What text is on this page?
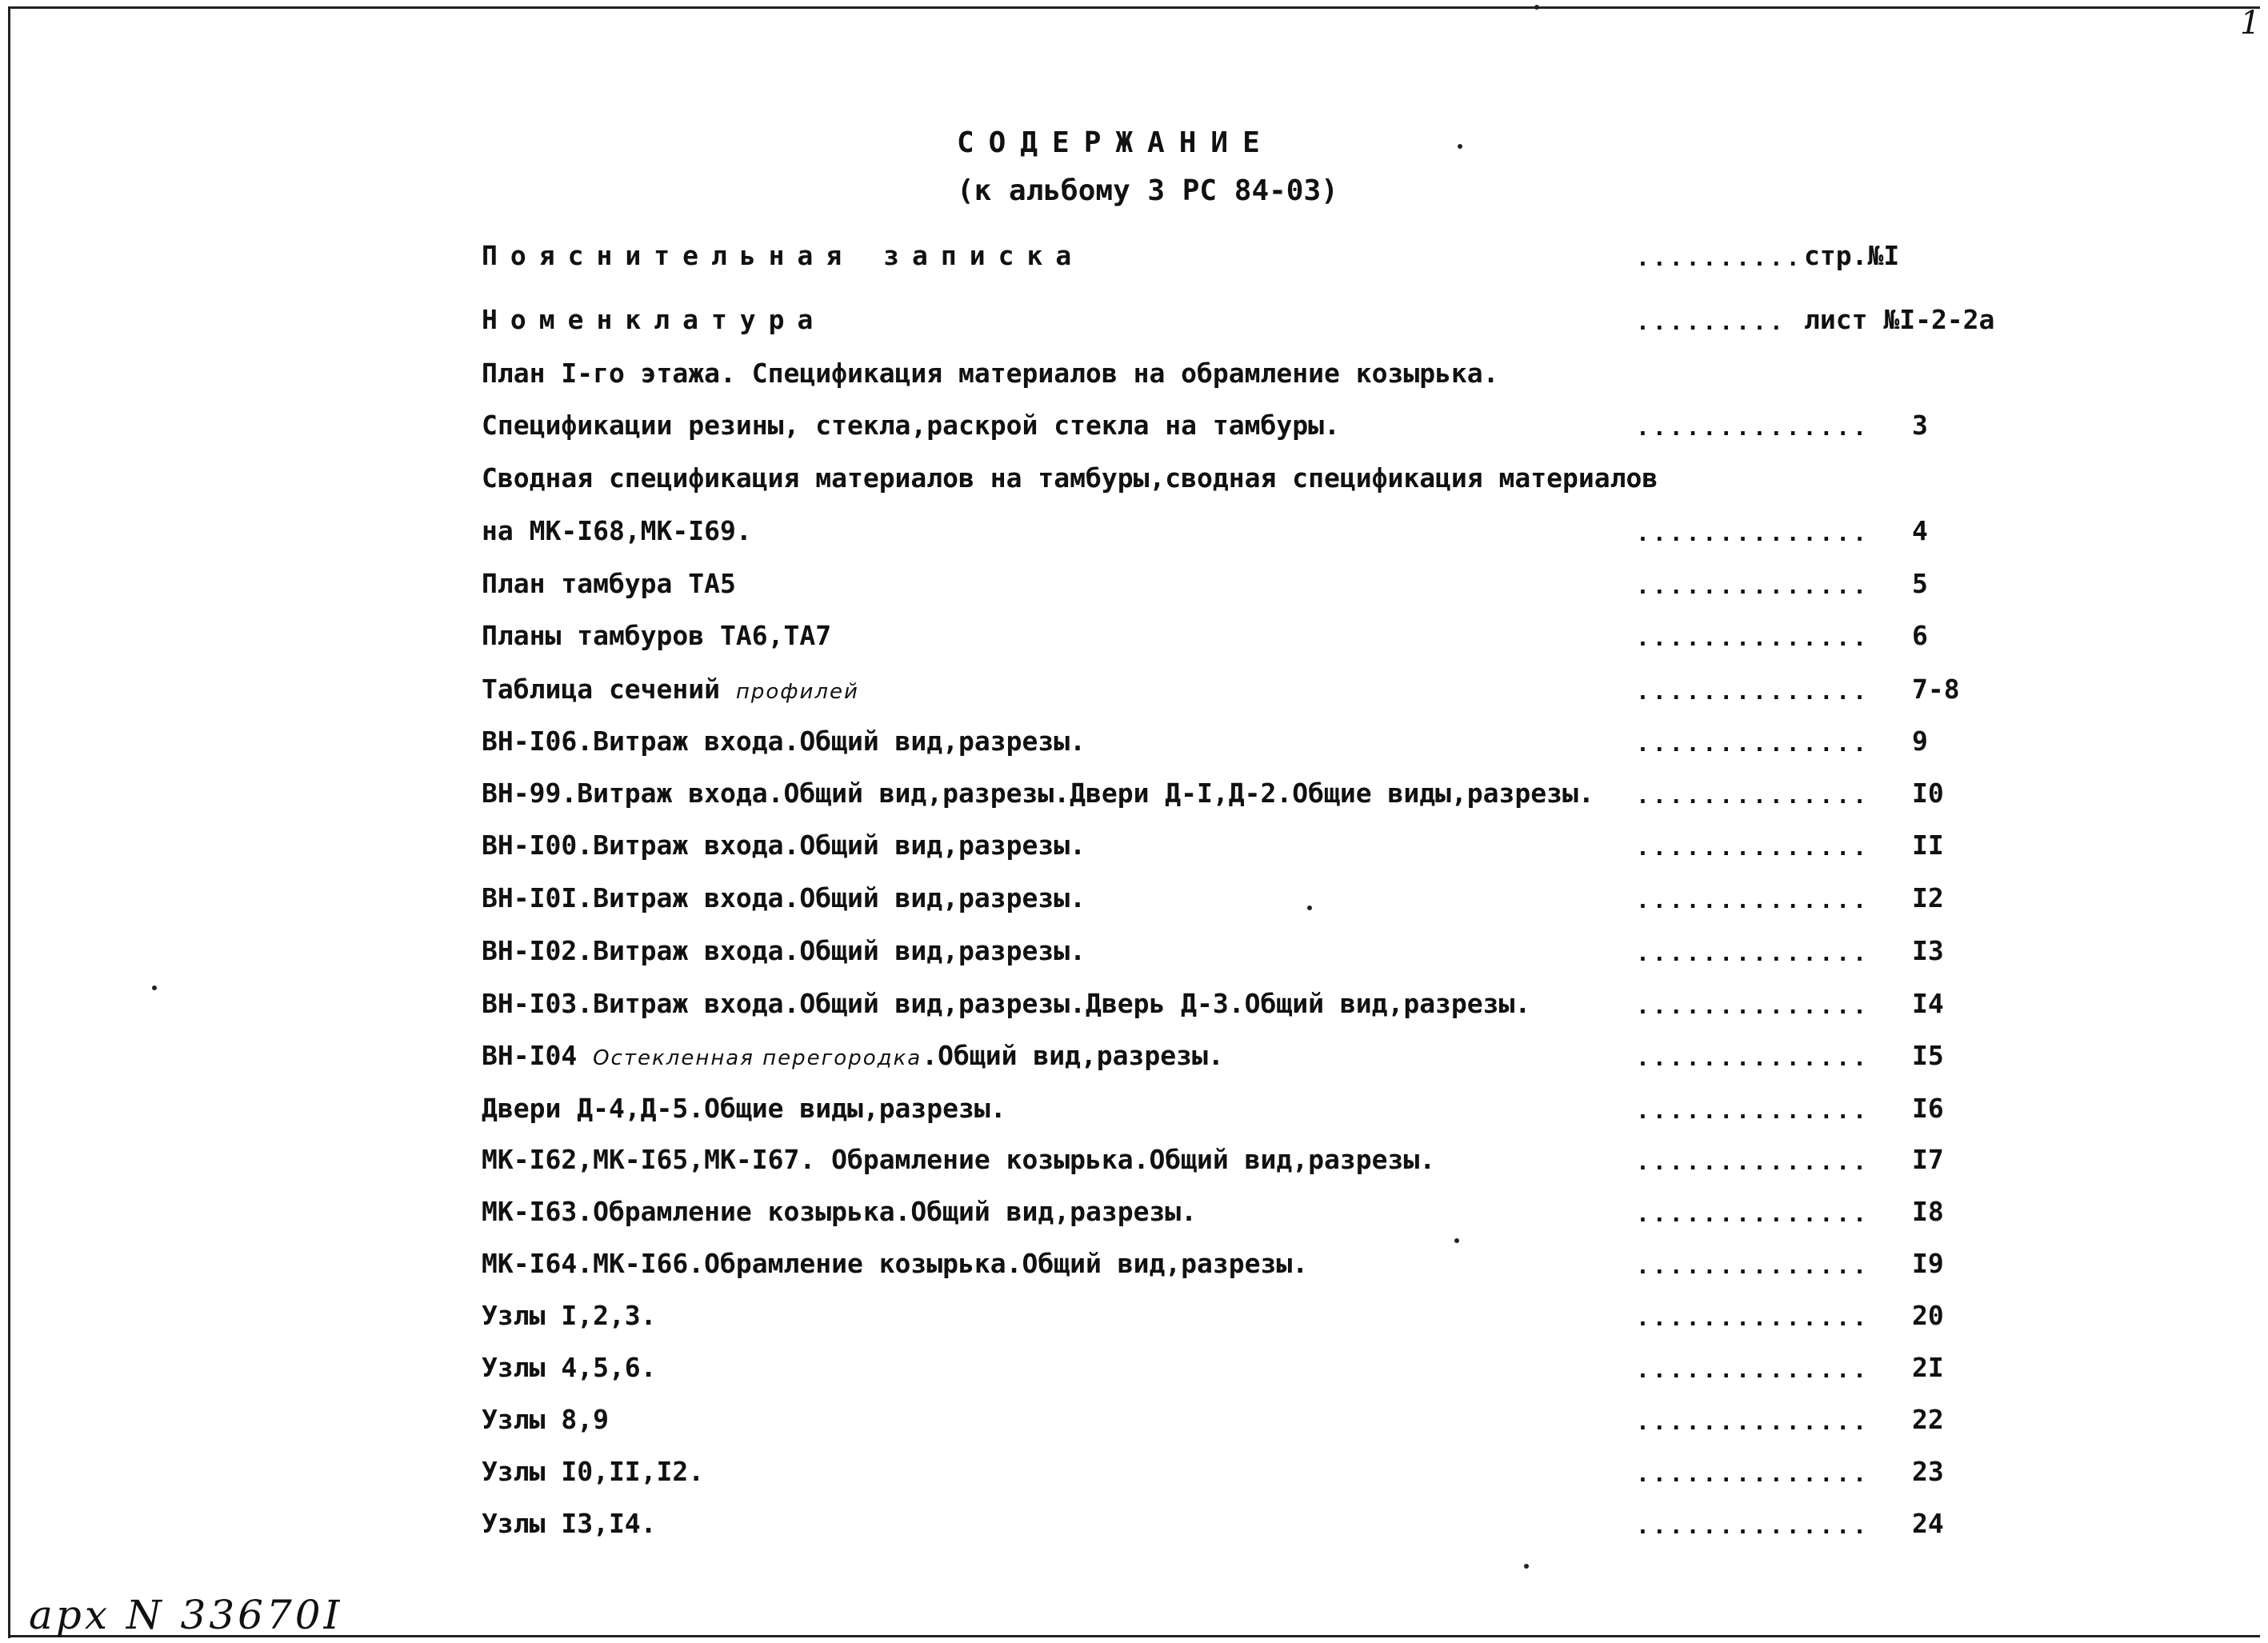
1
СОДЕРЖАНИЕ
(к альбому 3 РС 84-03)
Пояснительная записка	.......... стр.№I
Номенклатура	......... лист №I-2-2а
План I-го этажа. Спецификация материалов на обрамление козырька.
Спецификации резины, стекла,раскрой стекла на тамбуры.	.............. 3
Сводная спецификация материалов на тамбуры,сводная спецификация материалов
на МК-I68,МК-I69.	.............. 4
План тамбура ТА5	.............. 5
Планы тамбуров ТА6,ТА7	.............. 6
Таблица сечений профилей	.............. 7-8
ВН-I06.Витраж входа.Общий вид,разрезы.	.............. 9
ВН-99.Витраж входа.Общий вид,разрезы.Двери Д-I,Д-2.Общие виды,разрезы. .............. I0
ВН-I00.Витраж входа.Общий вид,разрезы.	.............. II
ВН-I0I.Витраж входа.Общий вид,разрезы.	.............. I2
ВН-I02.Витраж входа.Общий вид,разрезы.	.............. I3
ВН-I03.Витраж входа.Общий вид,разрезы.Дверь Д-3.Общий вид,разрезы.	.............. I4
ВН-I04 Остекленная перегородка.Общий вид,разрезы.	.............. I5
Двери Д-4,Д-5.Общие виды,разрезы.	.............. I6
МК-I62,МК-I65,МК-I67. Обрамление козырька.Общий вид,разрезы.	.............. I7
МК-I63.Обрамление козырька.Общий вид,разрезы.	.............. I8
МК-I64.МК-I66.Обрамление козырька.Общий вид,разрезы.	.............. I9
Узлы I,2,3.	.............. 20
Узлы 4,5,6.	.............. 2I
Узлы 8,9	.............. 22
Узлы I0,II,I2.	.............. 23
Узлы I3,I4.	.............. 24
арх N 33670I
